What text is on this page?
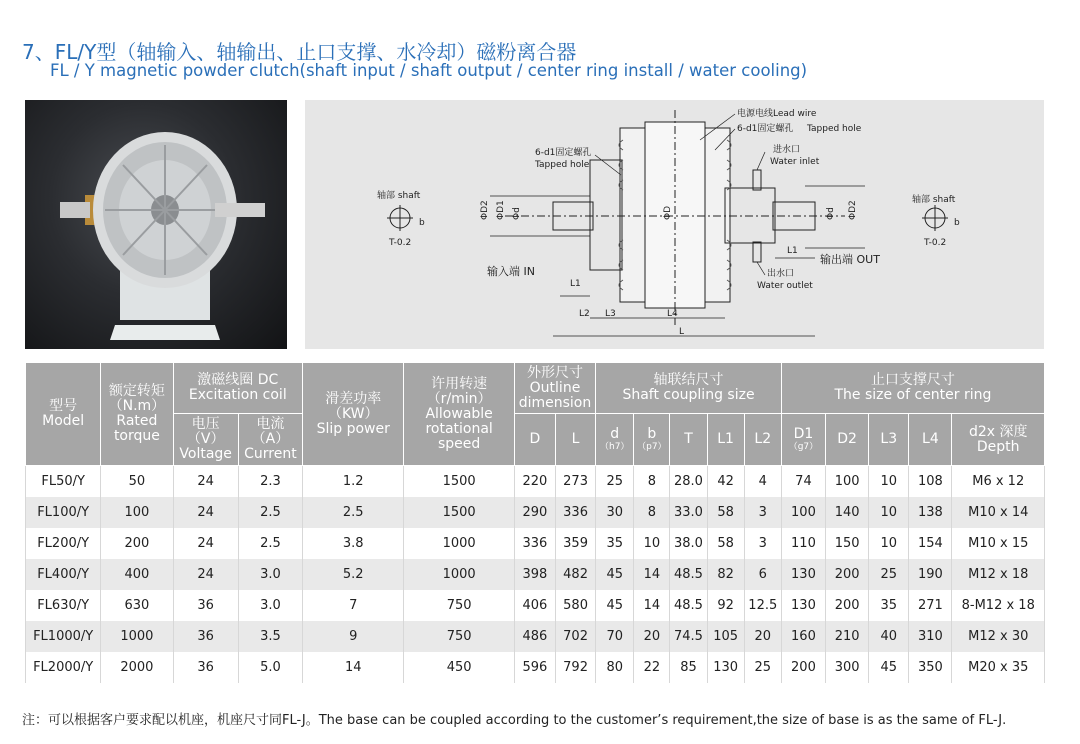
7、FL/Y型（轴输入、轴输出、止口支撑、水冷却）磁粉离合器
FL / Y magnetic powder clutch(shaft input / shaft output / center ring install / water cooling)
电源电线Lead wire
6-d1固定螺孔 Tapped hole
6-d1固定螺孔
Tapped hole
进水口
Water inlet
出水口
Water outlet
输入端 IN
输出端 OUT
轴部 shaft	轴部 shaft
ΦD2 ΦD1 Φd	ΦD	Φd ΦD2
L1
L1
L2 L3	L4
L
b
T-0.2
b
T-0.2
型号
Model	额定转矩
（N.m）
Rated torque	激磁线圈 DC
Excitation coil		滑差功率
（KW）
Slip power	许用转速
（r/min）
Allowable rotational speed	外形尺寸
Outline dimension		轴联结尺寸
Shaft coupling size					止口支撑尺寸
The size of center ring				
		电压
（V）
Voltage	电流
（A）
Current			D	L	d
（h7）	b
（p7）	T	L1	L2	D1
（g7）	D2	L3	L4	d2x 深度
Depth
FL50/Y	50	24	2.3	1.2	1500	220	273	25	8	28.0	42	4	74	100	10	108	M6 x 12
FL100/Y	100	24	2.5	2.5	1500	290	336	30	8	33.0	58	3	100	140	10	138	M10 x 14
FL200/Y	200	24	2.5	3.8	1000	336	359	35	10	38.0	58	3	110	150	10	154	M10 x 15
FL400/Y	400	24	3.0	5.2	1000	398	482	45	14	48.5	82	6	130	200	25	190	M12 x 18
FL630/Y	630	36	3.0	7	750	406	580	45	14	48.5	92	12.5	130	200	35	271	8-M12 x 18
FL1000/Y	1000	36	3.5	9	750	486	702	70	20	74.5	105	20	160	210	40	310	M12 x 30
FL2000/Y	2000	36	5.0	14	450	596	792	80	22	85	130	25	200	300	45	350	M20 x 35
注：可以根据客户要求配以机座，机座尺寸同FL-J。The base can be coupled according to the customer’s requirement,the size of base is as the same of FL-J.
